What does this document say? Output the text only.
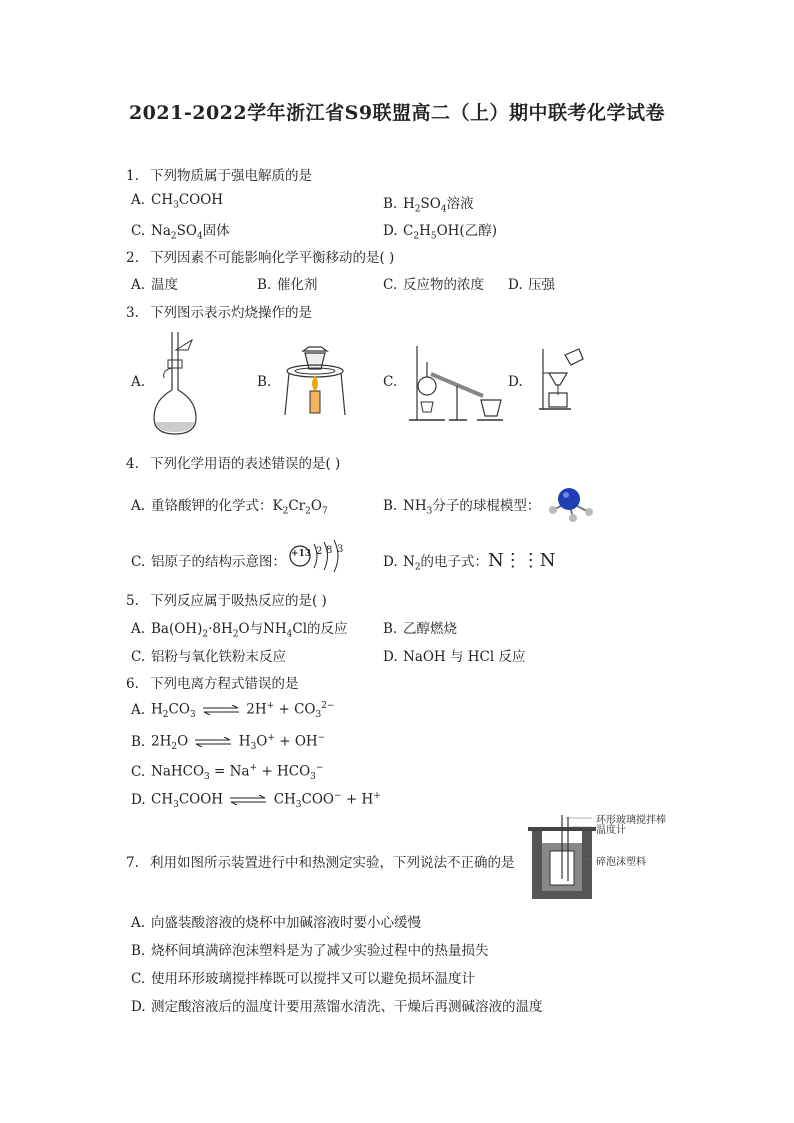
2021-2022学年浙江省S9联盟高二（上）期中联考化学试卷
1. 下列物质属于强电解质的是
A. $CH_3COOH$	B. $H_2SO_4$溶液
C. $Na_2SO_4$固体	D. $C_2H_5OH$(乙醇)
2. 下列因素不可能影响化学平衡移动的是( )
A. 温度	B. 催化剂	C. 反应物的浓度 D. 压强
3. 下列图示表示灼烧操作的是
A.	B.	C.	D.
4. 下列化学用语的表述错误的是( )
A. 重铬酸钾的化学式：$K_2Cr_2O_7$	B. $NH_3$分子的球棍模型：
C. 铝原子的结构示意图： +13 2 8 3
D. $N_2$的电子式：N⋮⋮N
5. 下列反应属于吸热反应的是( )
A. $Ba(OH)_2\cdot 8H_2O$与$NH_4Cl$的反应	B. 乙醇燃烧
C. 铝粉与氧化铁粉末反应	D. NaOH 与 HCl 反应
6. 下列电离方程式错误的是
A. $H_2CO_3$ ⇌ $2H^+ + CO_3^{2-}$
B. $2H_2O$ ⇌ $H_3O^+ + OH^-$
C. NaHCO$_3$ = $Na^+ + HCO_3^-$
D. $CH_3COOH$ ⇌ $CH_3COO^- + H^+$
7. 利用如图所示装置进行中和热测定实验，下列说法不正确的是
环形玻璃搅拌棒
温度计
碎泡沫塑料
A. 向盛装酸溶液的烧杯中加碱溶液时要小心缓慢
B. 烧杯间填满碎泡沫塑料是为了减少实验过程中的热量损失
C. 使用环形玻璃搅拌棒既可以搅拌又可以避免损坏温度计
D. 测定酸溶液后的温度计要用蒸馏水清洗、干燥后再测碱溶液的温度
